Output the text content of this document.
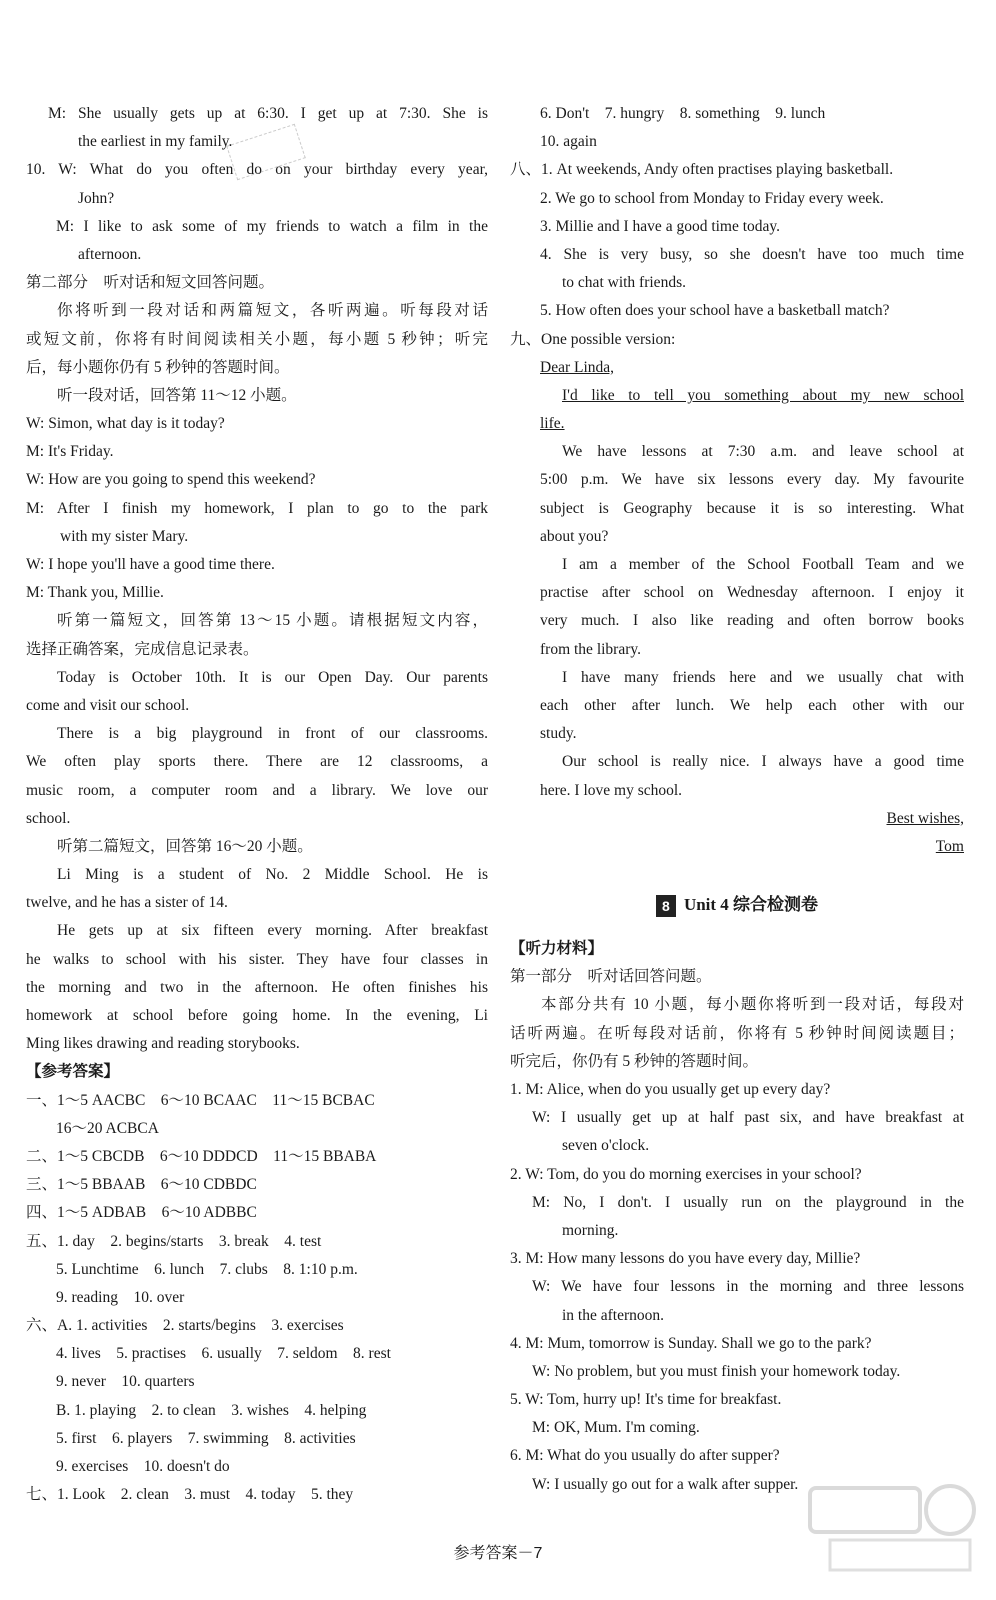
M: She usually gets up at 6:30. I get up at 7:30. She is
the earliest in my family.
10. W: What do you often do on your birthday every year,
John?
M: I like to ask some of my friends to watch a film in the
afternoon.
第二部分　听对话和短文回答问题。
你将听到一段对话和两篇短文，各听两遍。听每段对话
或短文前，你将有时间阅读相关小题，每小题 5 秒钟；听完
后，每小题你仍有 5 秒钟的答题时间。
听一段对话，回答第 11～12 小题。
W: Simon, what day is it today?
M: It's Friday.
W: How are you going to spend this weekend?
M: After I finish my homework, I plan to go to the park
with my sister Mary.
W: I hope you'll have a good time there.
M: Thank you, Millie.
听第一篇短文，回答第 13～15 小题。请根据短文内容，
选择正确答案，完成信息记录表。
Today is October 10th. It is our Open Day. Our parents
come and visit our school.
There is a big playground in front of our classrooms.
We often play sports there. There are 12 classrooms, a
music room, a computer room and a library. We love our
school.
听第二篇短文，回答第 16～20 小题。
Li Ming is a student of No. 2 Middle School. He is
twelve, and he has a sister of 14.
He gets up at six fifteen every morning. After breakfast
he walks to school with his sister. They have four classes in
the morning and two in the afternoon. He often finishes his
homework at school before going home. In the evening, Li
Ming likes drawing and reading storybooks.
【参考答案】
一、1～5 AACBC　6～10 BCAAC　11～15 BCBAC
16～20 ACBCA
二、1～5 CBCDB　6～10 DDDCD　11～15 BBABA
三、1～5 BBAAB　6～10 CDBDC
四、1～5 ADBAB　6～10 ADBBC
五、1. day　2. begins/starts　3. break　4. test
5. Lunchtime　6. lunch　7. clubs　8. 1:10 p.m.
9. reading　10. over
六、A. 1. activities　2. starts/begins　3. exercises
4. lives　5. practises　6. usually　7. seldom　8. rest
9. never　10. quarters
B. 1. playing　2. to clean　3. wishes　4. helping
5. first　6. players　7. swimming　8. activities
9. exercises　10. doesn't do
七、1. Look　2. clean　3. must　4. today　5. they
6. Don't　7. hungry　8. something　9. lunch
10. again
八、1. At weekends, Andy often practises playing basketball.
2. We go to school from Monday to Friday every week.
3. Millie and I have a good time today.
4. She is very busy, so she doesn't have too much time
to chat with friends.
5. How often does your school have a basketball match?
九、One possible version:
Dear Linda,
I'd like to tell you something about my new school
life.
We have lessons at 7:30 a.m. and leave school at
5:00 p.m. We have six lessons every day. My favourite
subject is Geography because it is so interesting. What
about you?
I am a member of the School Football Team and we
practise after school on Wednesday afternoon. I enjoy it
very much. I also like reading and often borrow books
from the library.
I have many friends here and we usually chat with
each other after lunch. We help each other with our
study.
Our school is really nice. I always have a good time
here. I love my school.
Best wishes,
Tom
8 Unit 4 综合检测卷
【听力材料】
第一部分　听对话回答问题。
本部分共有 10 小题，每小题你将听到一段对话，每段对
话听两遍。在听每段对话前，你将有 5 秒钟时间阅读题目；
听完后，你仍有 5 秒钟的答题时间。
1. M: Alice, when do you usually get up every day?
W: I usually get up at half past six, and have breakfast at
seven o'clock.
2. W: Tom, do you do morning exercises in your school?
M: No, I don't. I usually run on the playground in the
morning.
3. M: How many lessons do you have every day, Millie?
W: We have four lessons in the morning and three lessons
in the afternoon.
4. M: Mum, tomorrow is Sunday. Shall we go to the park?
W: No problem, but you must finish your homework today.
5. W: Tom, hurry up! It's time for breakfast.
M: OK, Mum. I'm coming.
6. M: What do you usually do after supper?
W: I usually go out for a walk after supper.
参考答案－7
